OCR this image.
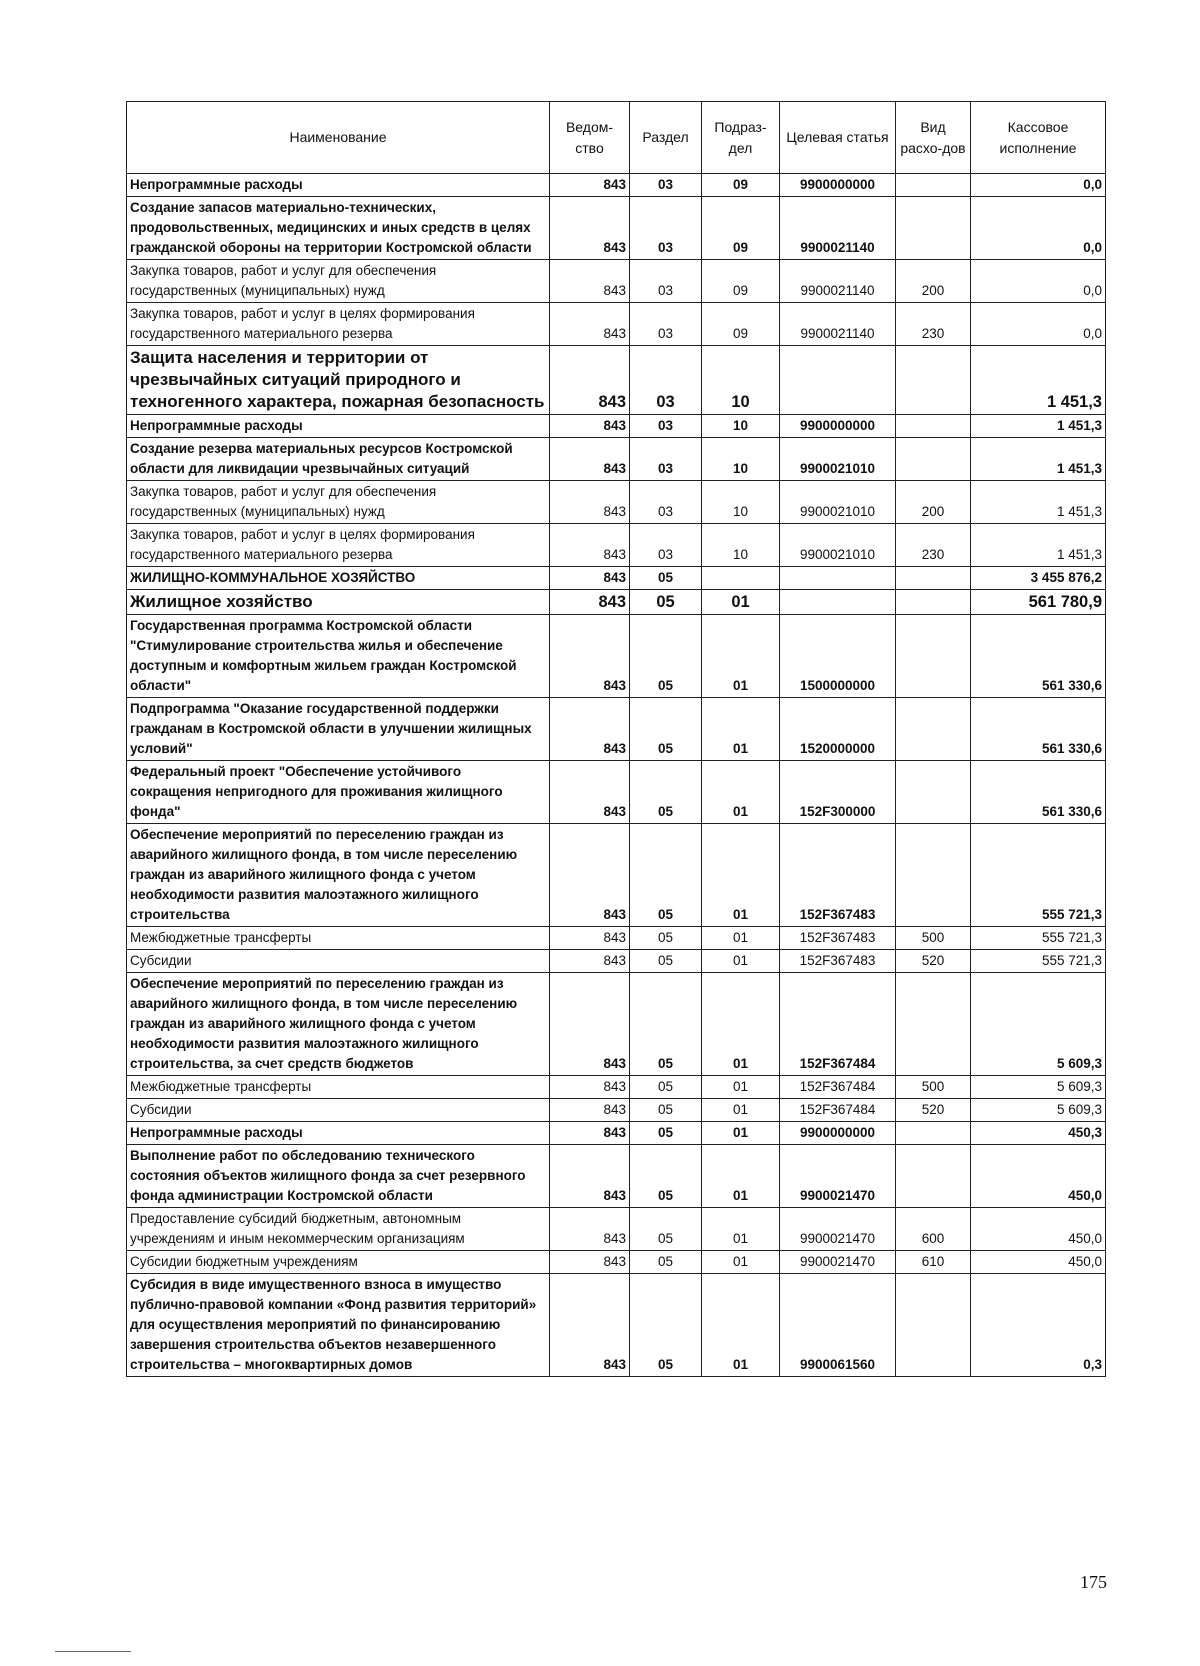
Наименование	Ведом-ство	Раздел	Подраз-дел	Целевая статья	Вид расхо-дов	Кассовое исполнение
Непрограммные расходы	843	03	09	9900000000		0,0
Создание запасов материально-технических, продовольственных, медицинских и иных средств в целях гражданской обороны на территории Костромской области	843	03	09	9900021140		0,0
Закупка товаров, работ и услуг для обеспечения государственных (муниципальных) нужд	843	03	09	9900021140	200	0,0
Закупка товаров, работ и услуг в целях формирования государственного материального резерва	843	03	09	9900021140	230	0,0
Защита населения и территории от чрезвычайных ситуаций природного и техногенного характера, пожарная безопасность	843	03	10			1 451,3
Непрограммные расходы	843	03	10	9900000000		1 451,3
Создание резерва материальных ресурсов Костромской области для ликвидации чрезвычайных ситуаций	843	03	10	9900021010		1 451,3
Закупка товаров, работ и услуг для обеспечения государственных (муниципальных) нужд	843	03	10	9900021010	200	1 451,3
Закупка товаров, работ и услуг в целях формирования государственного материального резерва	843	03	10	9900021010	230	1 451,3
ЖИЛИЩНО-КОММУНАЛЬНОЕ ХОЗЯЙСТВО	843	05				3 455 876,2
Жилищное хозяйство	843	05	01			561 780,9
Государственная программа Костромской области "Стимулирование строительства жилья и обеспечение доступным и комфортным жильем граждан Костромской области"	843	05	01	1500000000		561 330,6
Подпрограмма "Оказание государственной поддержки гражданам в Костромской области в улучшении жилищных условий"	843	05	01	1520000000		561 330,6
Федеральный проект "Обеспечение устойчивого сокращения непригодного для проживания жилищного фонда"	843	05	01	152F300000		561 330,6
Обеспечение мероприятий по переселению граждан из аварийного жилищного фонда, в том числе переселению граждан из аварийного жилищного фонда с учетом необходимости развития малоэтажного жилищного строительства	843	05	01	152F367483		555 721,3
Межбюджетные трансферты	843	05	01	152F367483	500	555 721,3
Субсидии	843	05	01	152F367483	520	555 721,3
Обеспечение мероприятий по переселению граждан из аварийного жилищного фонда, в том числе переселению граждан из аварийного жилищного фонда с учетом необходимости развития малоэтажного жилищного строительства, за счет средств бюджетов	843	05	01	152F367484		5 609,3
Межбюджетные трансферты	843	05	01	152F367484	500	5 609,3
Субсидии	843	05	01	152F367484	520	5 609,3
Непрограммные расходы	843	05	01	9900000000		450,3
Выполнение работ по обследованию технического состояния объектов жилищного фонда за счет резервного фонда администрации Костромской области	843	05	01	9900021470		450,0
Предоставление субсидий бюджетным, автономным учреждениям и иным некоммерческим организациям	843	05	01	9900021470	600	450,0
Субсидии бюджетным учреждениям	843	05	01	9900021470	610	450,0
Субсидия в виде имущественного взноса в имущество публично-правовой компании «Фонд развития территорий» для осуществления мероприятий по финансированию завершения строительства объектов незавершенного строительства – многоквартирных домов	843	05	01	9900061560		0,3
175
